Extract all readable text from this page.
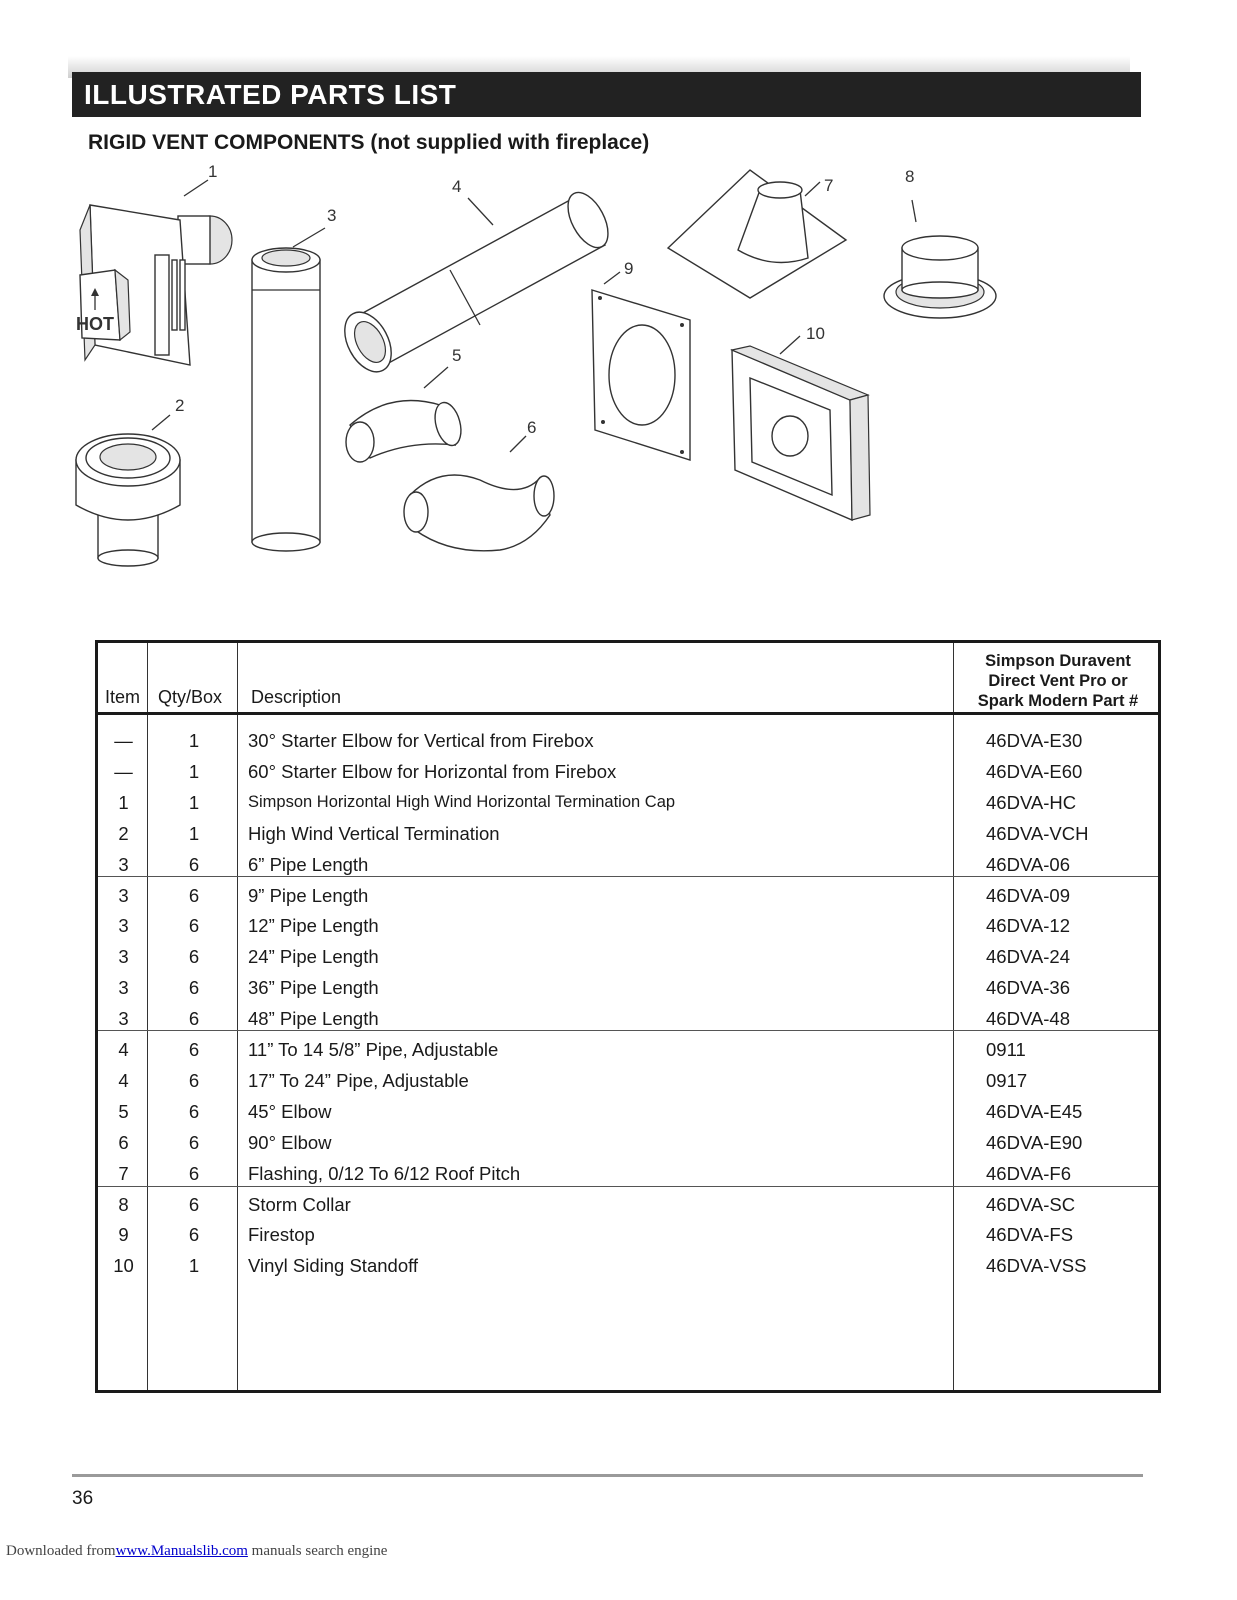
ILLUSTRATED PARTS LIST
RIGID VENT COMPONENTS (not supplied with fireplace)
HOT
1
2
3
4
5
6
7	8
9
10
Item Qty/Box Description
Simpson Duravent
Direct Vent Pro or
Spark Modern Part #
—	1	30° Starter Elbow for Vertical from Firebox	46DVA-E30
—	1	60° Starter Elbow for Horizontal from Firebox	46DVA-E60
1	1	Simpson Horizontal High Wind Horizontal Termination Cap	46DVA-HC
2	1	High Wind Vertical Termination	46DVA-VCH
3	6	6” Pipe Length	46DVA-06
3	6	9” Pipe Length	46DVA-09
3	6	12” Pipe Length	46DVA-12
3	6	24” Pipe Length	46DVA-24
3	6	36” Pipe Length	46DVA-36
3	6	48” Pipe Length	46DVA-48
4	6	11” To 14 5/8” Pipe, Adjustable	0911
4	6	17” To 24” Pipe, Adjustable	0917
5	6	45° Elbow	46DVA-E45
6	6	90° Elbow	46DVA-E90
7	6	Flashing, 0/12 To 6/12 Roof Pitch	46DVA-F6
8	6	Storm Collar	46DVA-SC
9	6	Firestop	46DVA-FS
10	1	Vinyl Siding Standoff	46DVA-VSS
36
Downloaded fromwww.Manualslib.com manuals search engine
